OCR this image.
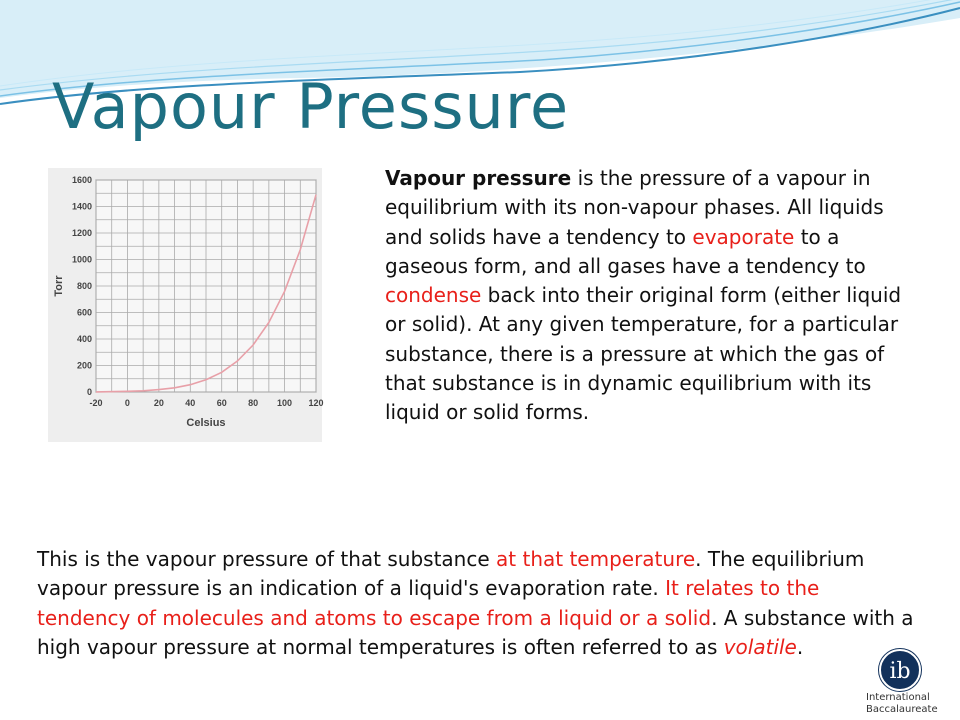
Vapour Pressure
-20 0	20 40 60 80 100 120
0
200
400
600
800
1000
1200
1400
1600
Celsius
Torr

Vapour pressure is the pressure of a vapour in equilibrium with its non-vapour phases. All liquids and solids have a tendency to evaporate to a gaseous form, and all gases have a tendency to condense back into their original form (either liquid or solid). At any given temperature, for a particular substance, there is a pressure at which the gas of that substance is in dynamic equilibrium with its liquid or solid forms.

This is the vapour pressure of that substance at that temperature. The equilibrium vapour pressure is an indication of a liquid's evaporation rate. It relates to the tendency of molecules and atoms to escape from a liquid or a solid. A substance with a high vapour pressure at normal temperatures is often referred to as volatile.

ib
International
Baccalaureate
